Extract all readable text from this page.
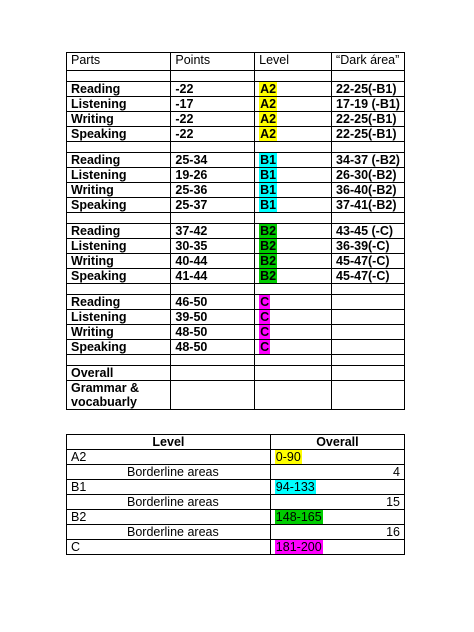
Parts	Points	Level	“Dark área”

Reading	-22	A2	22-25(-B1)
Listening	-17	A2	17-19 (-B1)
Writing	-22	A2	22-25(-B1)
Speaking	-22	A2	22-25(-B1)

Reading	25-34	B1	34-37 (-B2)
Listening	19-26	B1	26-30(-B2)
Writing	25-36	B1	36-40(-B2)
Speaking	25-37	B1	37-41(-B2)

Reading	37-42	B2	43-45 (-C)
Listening	30-35	B2	36-39(-C)
Writing	40-44	B2	45-47(-C)
Speaking	41-44	B2	45-47(-C)

Reading	46-50	C	
Listening	39-50	C	
Writing	48-50	C	
Speaking	48-50	C	

Overall			
Grammar & vocabuarly			
Level	Overall
A2	0-90
Borderline areas	4
B1	94-133
Borderline areas	15
B2	148-165
Borderline areas	16
C	181-200
